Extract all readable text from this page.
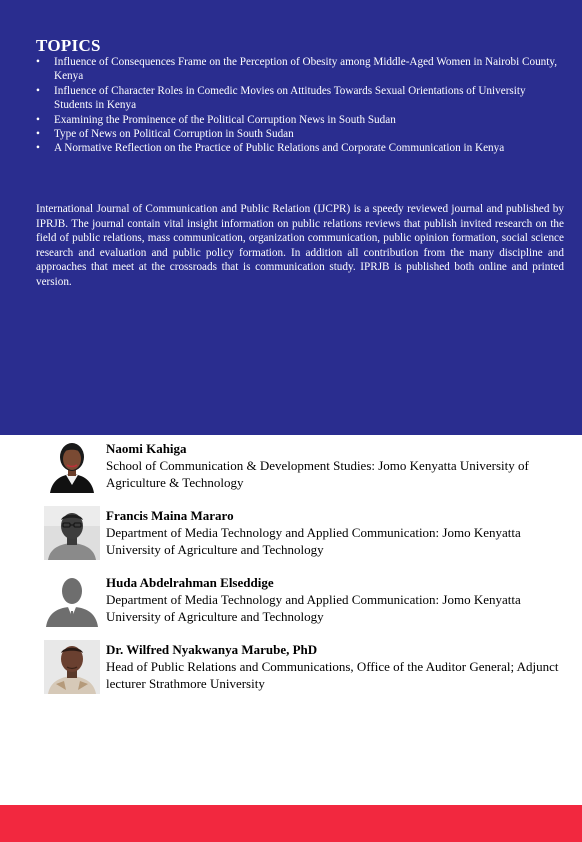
TOPICS
• Influence of Consequences Frame on the Perception of Obesity among Middle-Aged Women in Nairobi County, Kenya
• Influence of Character Roles in Comedic Movies on Attitudes Towards Sexual Orientations of University Students in Kenya
• Examining the Prominence of the Political Corruption News in South Sudan
• Type of News on Political Corruption in South Sudan
• A Normative Reflection on the Practice of Public Relations and Corporate Communication in Kenya

International Journal of Communication and Public Relation (IJCPR) is a speedy reviewed journal and published by IPRJB. The journal contain vital insight information on public relations reviews that publish invited research on the field of public relations, mass communication, organization communication, public opinion formation, social science research and evaluation and public policy formation. In addition all contribution from the many discipline and approaches that meet at the crossroads that is communication study. IPRJB is published both online and printed version.

Naomi Kahiga
School of Communication & Development Studies: Jomo Kenyatta University of Agriculture & Technology
Francis Maina Mararo
Department of Media Technology and Applied Communication: Jomo Kenyatta University of Agriculture and Technology
Huda Abdelrahman Elseddige
Department of Media Technology and Applied Communication: Jomo Kenyatta University of Agriculture and Technology
Dr. Wilfred Nyakwanya Marube, PhD
Head of Public Relations and Communications, Office of the Auditor General; Adjunct lecturer Strathmore University
